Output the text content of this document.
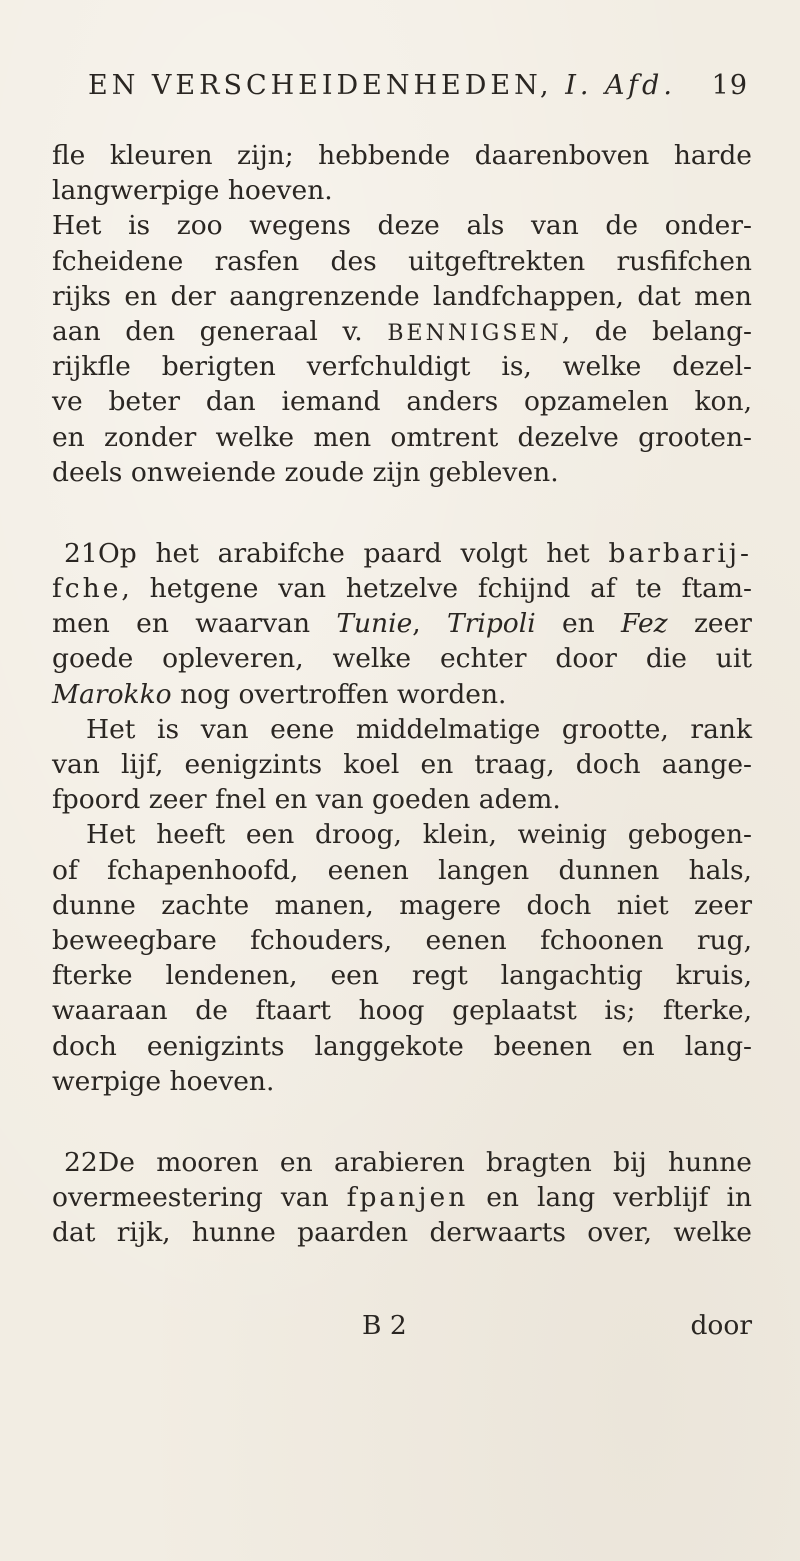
EN VERSCHEIDENHEDEN, I. Afd. 19
fle kleuren zijn; hebbende daarenboven harde
langwerpige hoeven.
Het is zoo wegens deze als van de onder-
fcheidene rasfen des uitgeftrekten rusfifchen
rijks en der aangrenzende landfchappen, dat men
aan den generaal v. BENNIGSEN, de belang-
rijkfle berigten verfchuldigt is, welke dezel-
ve beter dan iemand anders opzamelen kon,
en zonder welke men omtrent dezelve grooten-
deels onweiende zoude zijn gebleven.
21Op het arabifche paard volgt het barbarij-
fche, hetgene van hetzelve fchijnd af te ftam-
men en waarvan Tunie, Tripoli en Fez zeer
goede opleveren, welke echter door die uit
Marokko nog overtroffen worden.
Het is van eene middelmatige grootte, rank
van lijf, eenigzints koel en traag, doch aange-
fpoord zeer fnel en van goeden adem.
Het heeft een droog, klein, weinig gebogen-
of fchapenhoofd, eenen langen dunnen hals,
dunne zachte manen, magere doch niet zeer
beweegbare fchouders, eenen fchoonen rug,
fterke lendenen, een regt langachtig kruis,
waaraan de ftaart hoog geplaatst is; fterke,
doch eenigzints langgekote beenen en lang-
werpige hoeven.
22De mooren en arabieren bragten bij hunne
overmeestering van fpanjen en lang verblijf in
dat rijk, hunne paarden derwaarts over, welke
B 2	door
